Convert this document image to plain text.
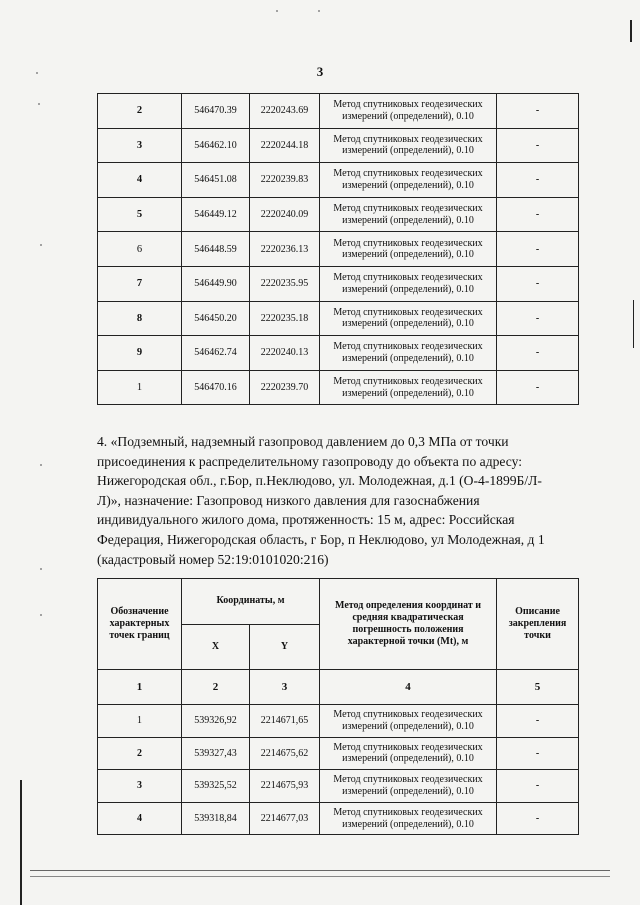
3
2	546470.39	2220243.69	Метод спутниковых геодезических измерений (определений), 0.10	-
3	546462.10	2220244.18	Метод спутниковых геодезических измерений (определений), 0.10	-
4	546451.08	2220239.83	Метод спутниковых геодезических измерений (определений), 0.10	-
5	546449.12	2220240.09	Метод спутниковых геодезических измерений (определений), 0.10	-
6	546448.59	2220236.13	Метод спутниковых геодезических измерений (определений), 0.10	-
7	546449.90	2220235.95	Метод спутниковых геодезических измерений (определений), 0.10	-
8	546450.20	2220235.18	Метод спутниковых геодезических измерений (определений), 0.10	-
9	546462.74	2220240.13	Метод спутниковых геодезических измерений (определений), 0.10	-
1	546470.16	2220239.70	Метод спутниковых геодезических измерений (определений), 0.10	-
4. «Подземный, надземный газопровод давлением до 0,3 МПа от точки
присоединения к распределительному газопроводу до объекта по адресу:
Нижегородская обл., г.Бор, п.Неклюдово, ул. Молодежная, д.1 (О-4-1899Б/Л-
Л)», назначение: Газопровод низкого давления для газоснабжения
индивидуального жилого дома, протяженность: 15 м, адрес: Российская
Федерация, Нижегородская область, г Бор, п Неклюдово, ул Молодежная, д 1
(кадастровый номер 52:19:0101020:216)
Обозначение характерных точек границ	Координаты, м		Метод определения координат и средняя квадратическая погрешность положения характерной точки (Mt), м	Описание закрепления точки
	X	Y		
1	2	3	4	5
1	539326,92	2214671,65	Метод спутниковых геодезических измерений (определений), 0.10	-
2	539327,43	2214675,62	Метод спутниковых геодезических измерений (определений), 0.10	-
3	539325,52	2214675,93	Метод спутниковых геодезических измерений (определений), 0.10	-
4	539318,84	2214677,03	Метод спутниковых геодезических измерений (определений), 0.10	-
